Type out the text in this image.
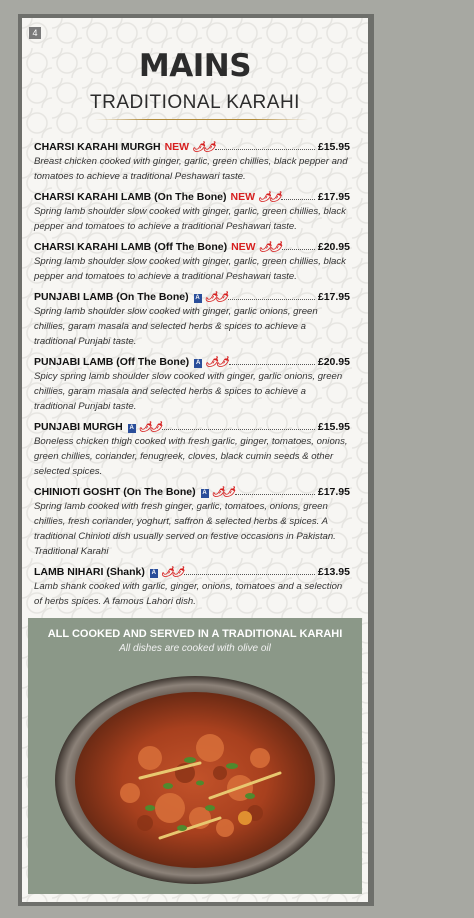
4
MAINS
TRADITIONAL KARAHI
CHARSI KARAHI MURGH NEW 🌶🌶	£15.95
Breast chicken cooked with ginger, garlic, green chillies, black pepper and tomatoes to achieve a traditional Peshawari taste.
CHARSI KARAHI LAMB (On The Bone) NEW 🌶🌶	£17.95
Spring lamb shoulder slow cooked with ginger, garlic, green chillies, black pepper and tomatoes to achieve a traditional Peshawari taste.
CHARSI KARAHI LAMB (Off The Bone) NEW 🌶🌶	£20.95
Spring lamb shoulder slow cooked with ginger, garlic, green chillies, black pepper and tomatoes to achieve a traditional Peshawari taste.
PUNJABI LAMB (On The Bone)	A 🌶🌶	£17.95
Spring lamb shoulder slow cooked with ginger, garlic onions, green chillies, garam masala and selected herbs & spices to achieve a traditional Punjabi taste.
PUNJABI LAMB (Off The Bone)	A 🌶🌶	£20.95
Spicy spring lamb shoulder slow cooked with ginger, garlic onions, green chillies, garam masala and selected herbs & spices to achieve a traditional Punjabi taste.
PUNJABI MURGH	A 🌶🌶	£15.95
Boneless chicken thigh cooked with fresh garlic, ginger, tomatoes, onions, green chillies, coriander, fenugreek, cloves, black cumin seeds & other selected spices.
CHINIOTI GOSHT (On The Bone)	A 🌶🌶	£17.95
Spring lamb cooked with fresh ginger, garlic, tomatoes, onions, green chillies, fresh coriander, yoghurt, saffron & selected herbs & spices. A traditional Chinioti dish usually served on festive occasions in Pakistan. Traditional Karahi
LAMB NIHARI (Shank)	A 🌶🌶	£13.95
Lamb shank cooked with garlic, ginger, onions, tomatoes and a selection of herbs spices. A famous Lahori dish.
ALL COOKED AND SERVED IN A TRADITIONAL KARAHI
All dishes are cooked with olive oil
